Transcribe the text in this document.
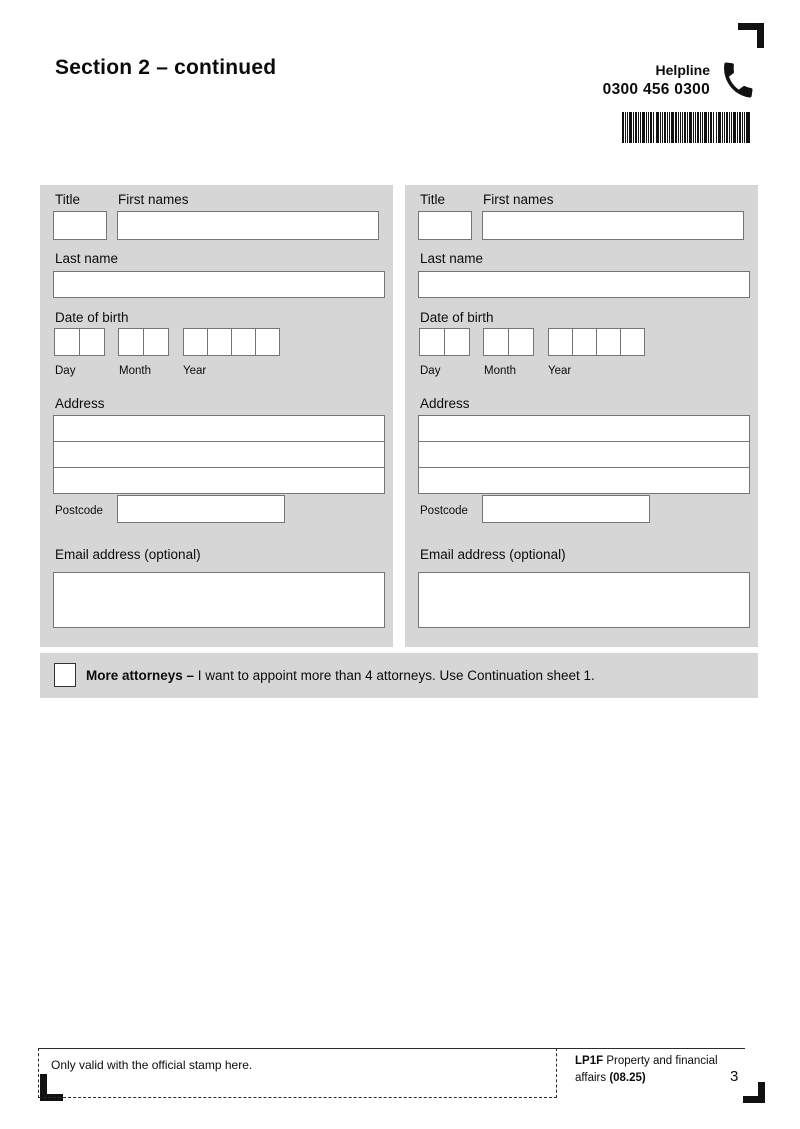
Section 2 – continued	Helpline
0300 456 0300
Title	First names
Last name
Date of birth
Day	Month	Year
Address
Postcode
Email address (optional)
Title	First names
Last name
Date of birth
Day	Month	Year
Address
Postcode
Email address (optional)
More attorneys – I want to appoint more than 4 attorneys. Use Continuation sheet 1.
Only valid with the official stamp here.	LP1F Property and financial affairs (08.25)	3
